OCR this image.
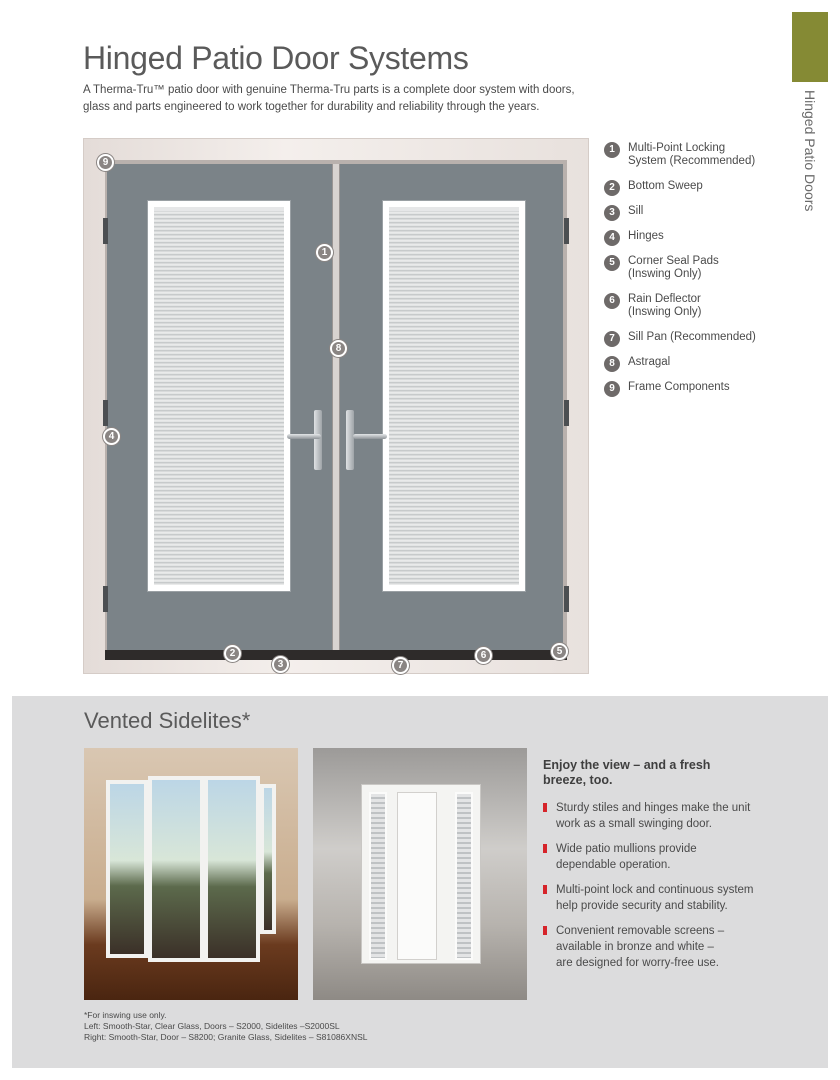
Hinged Patio Doors
Hinged Patio Door Systems

A Therma-Tru™ patio door with genuine Therma-Tru parts is a complete door system with doors,
glass and parts engineered to work together for durability and reliability through the years.

9
1
8
4
2
3	7
6	5
1	Multi-Point Locking
System (Recommended)
2	Bottom Sweep
3	Sill
4	Hinges
5	Corner Seal Pads
(Inswing Only)
6	Rain Deflector
(Inswing Only)
7	Sill Pan (Recommended)
8	Astragal
9	Frame Components
Vented Sidelites*

Enjoy the view – and a fresh
breeze, too.

Sturdy stiles and hinges make the unit
work as a small swinging door.
Wide patio mullions provide
dependable operation.
Multi-point lock and continuous system
help provide security and stability.
Convenient removable screens –
available in bronze and white –
are designed for worry-free use.

*For inswing use only.
Left: Smooth-Star, Clear Glass, Doors – S2000, Sidelites –S2000SL
Right: Smooth-Star, Door – S8200; Granite Glass, Sidelites – S81086XNSL
